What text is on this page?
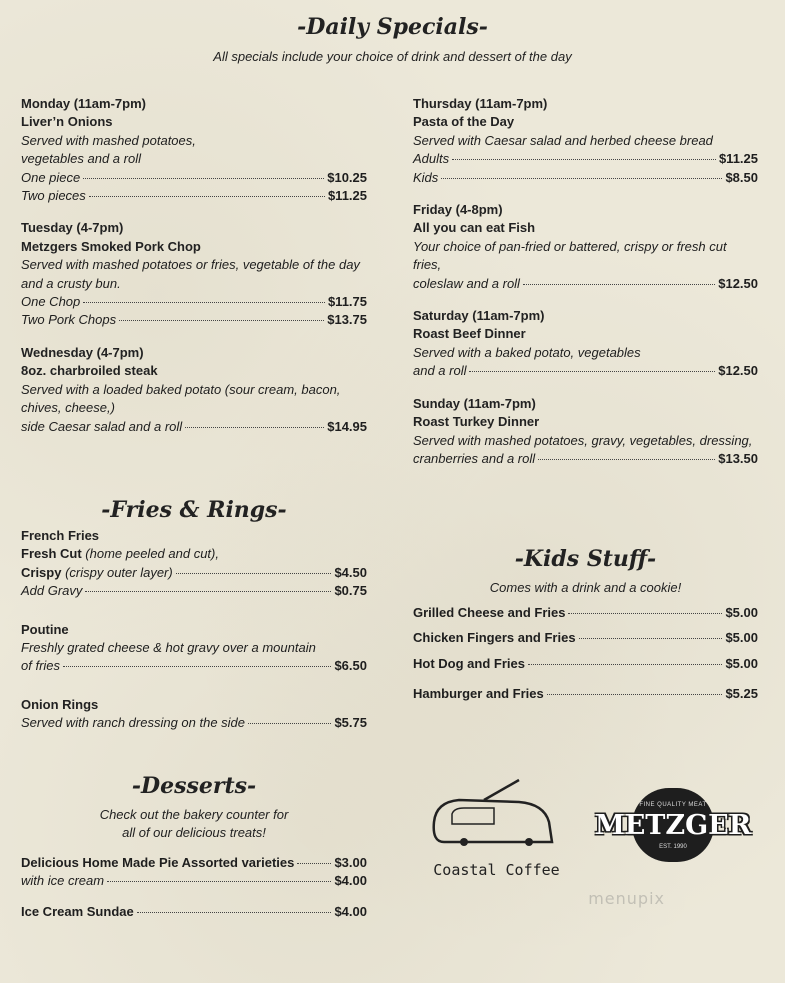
-Daily Specials-
All specials include your choice of drink and dessert of the day
Monday (11am-7pm)
Liver’n Onions
Served with mashed potatoes,
vegetables and a roll
One piece	$10.25
Two pieces	$11.25
Tuesday (4-7pm)
Metzgers Smoked Pork Chop
Served with mashed potatoes or fries, vegetable of the day
and a crusty bun.
One Chop	$11.75
Two Pork Chops	$13.75
Wednesday (4-7pm)
8oz. charbroiled steak
Served with a loaded baked potato (sour cream, bacon,
chives, cheese,)
side Caesar salad and a roll	$14.95
Thursday (11am-7pm)
Pasta of the Day
Served with Caesar salad and herbed cheese bread
Adults	$11.25
Kids	$8.50
Friday (4-8pm)
All you can eat Fish
Your choice of pan-fried or battered, crispy or fresh cut fries,
coleslaw and a roll	$12.50
Saturday (11am-7pm)
Roast Beef Dinner
Served with a baked potato, vegetables
and a roll	$12.50
Sunday (11am-7pm)
Roast Turkey Dinner
Served with mashed potatoes, gravy, vegetables, dressing,
cranberries and a roll	$13.50
-Fries & Rings-
French Fries
Fresh Cut (home peeled and cut),
Crispy (crispy outer layer)	$4.50
Add Gravy	$0.75
Poutine
Freshly grated cheese & hot gravy over a mountain
of fries	$6.50
Onion Rings
Served with ranch dressing on the side	$5.75
-Kids Stuff-
Comes with a drink and a cookie!
Grilled Cheese and Fries	$5.00
Chicken Fingers and Fries	$5.00
Hot Dog and Fries	$5.00
Hamburger and Fries	$5.25
-Desserts-
Check out the bakery counter for
all of our delicious treats!
Delicious Home Made Pie Assorted varieties	$3.00
with ice cream	$4.00
Ice Cream Sundae	$4.00
Coastal Coffee
FINE QUALITY MEAT
METZGER
EST. 1990
menupix
